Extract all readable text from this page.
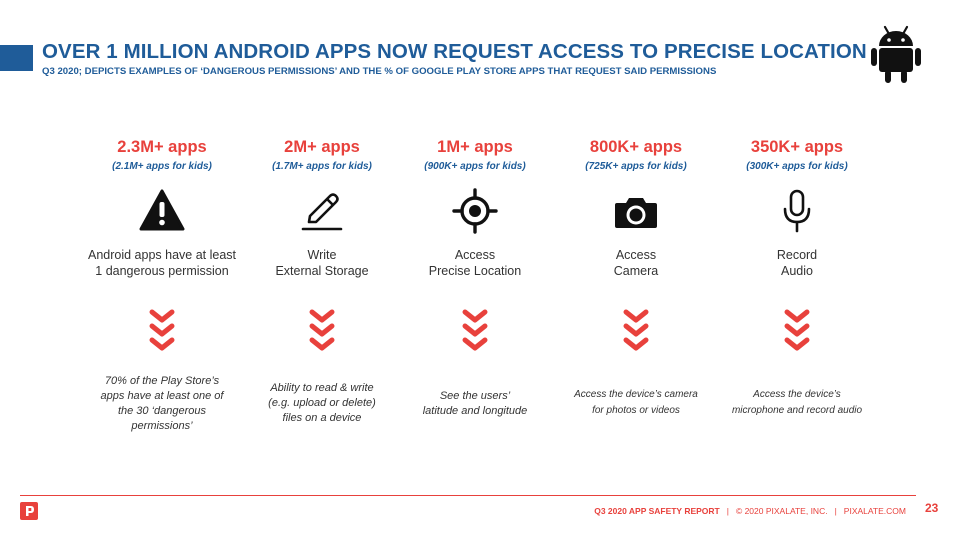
OVER 1 MILLION ANDROID APPS NOW REQUEST ACCESS TO PRECISE LOCATION
Q3 2020; DEPICTS EXAMPLES OF ‘DANGEROUS PERMISSIONS’ AND THE % OF GOOGLE PLAY STORE APPS THAT REQUEST SAID PERMISSIONS
2.3M+ apps
(2.1M+ apps for kids)
Android apps have at least
1 dangerous permission
70% of the Play Store’s
apps have at least one of
the 30 ‘dangerous
permissions’
2M+ apps
(1.7M+ apps for kids)
Write
External Storage
Ability to read & write
(e.g. upload or delete)
files on a device
1M+ apps
(900K+ apps for kids)
Access
Precise Location
See the users’
latitude and longitude
800K+ apps
(725K+ apps for kids)
Access
Camera
Access the device’s camera
for photos or videos
350K+ apps
(300K+ apps for kids)
Record
Audio
Access the device’s
microphone and record audio
Q3 2020 APP SAFETY REPORT | © 2020 PIXALATE, INC. | PIXALATE.COM 23
